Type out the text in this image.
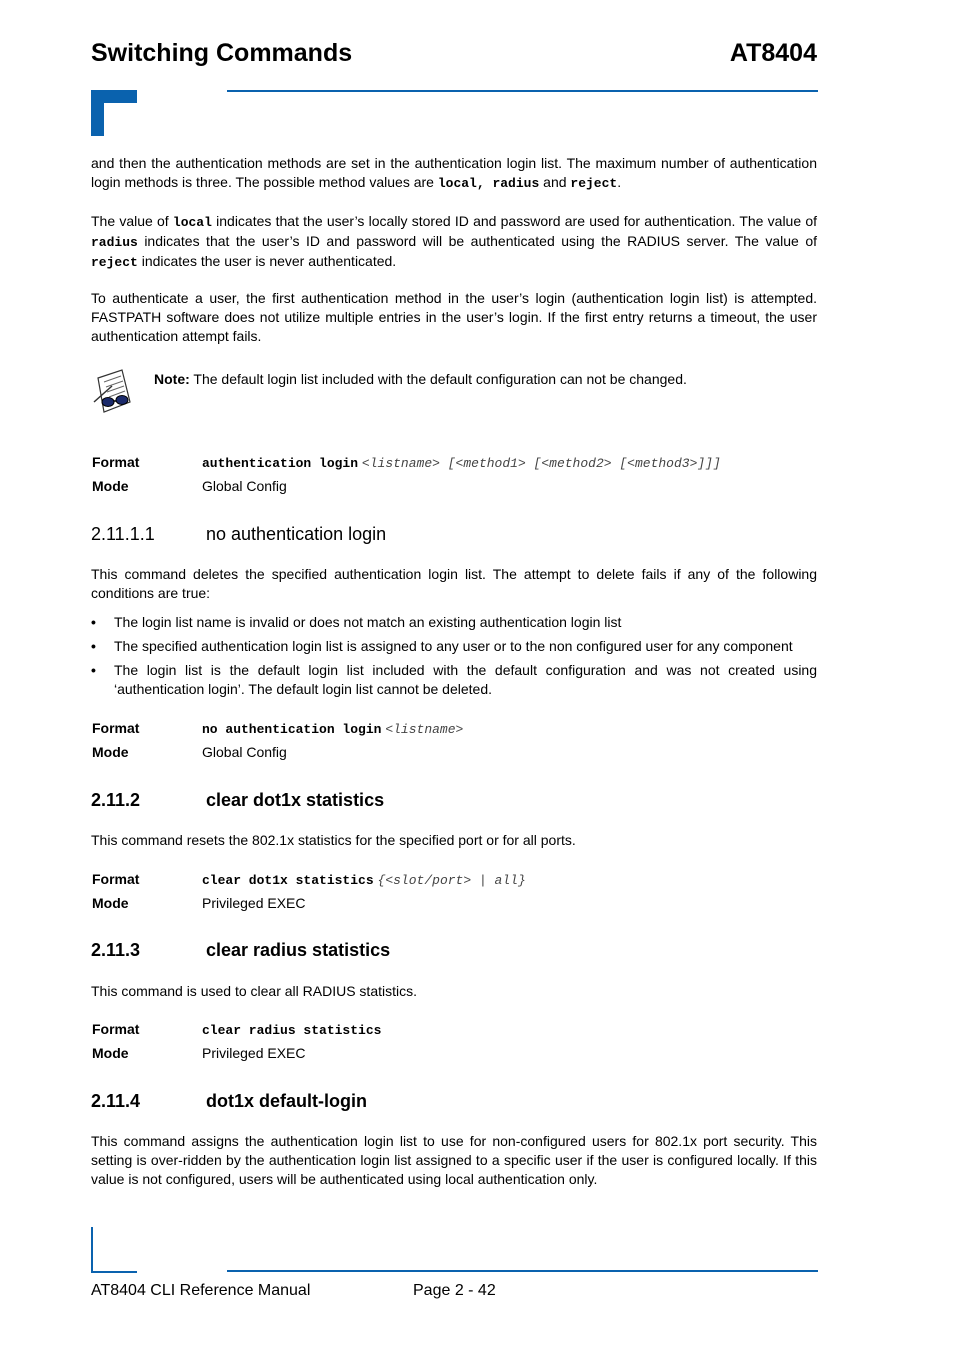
Switching Commands	AT8404
and then the authentication methods are set in the authentication login list. The maximum number of authentication login methods is three. The possible method values are local, radius and reject.
The value of local indicates that the user’s locally stored ID and password are used for authentication. The value of radius indicates that the user’s ID and password will be authenticated using the RADIUS server. The value of reject indicates the user is never authenticated.
To authenticate a user, the first authentication method in the user’s login (authentication login list) is attempted. FASTPATH software does not utilize multiple entries in the user’s login. If the first entry returns a timeout, the user authentication attempt fails.
Note: The default login list included with the default configuration can not be changed.
Format	authentication login <listname> [<method1> [<method2> [<method3>]]]
Mode	Global Config
2.11.1.1	no authentication login
This command deletes the specified authentication login list. The attempt to delete fails if any of the following conditions are true:
• The login list name is invalid or does not match an existing authentication login list
• The specified authentication login list is assigned to any user or to the non configured user for any component
• The login list is the default login list included with the default configuration and was not created using ‘authentication login’. The default login list cannot be deleted.
Format	no authentication login <listname>
Mode	Global Config
2.11.2	clear dot1x statistics
This command resets the 802.1x statistics for the specified port or for all ports.
Format	clear dot1x statistics {<slot/port> | all}
Mode	Privileged EXEC
2.11.3	clear radius statistics
This command is used to clear all RADIUS statistics.
Format	clear radius statistics
Mode	Privileged EXEC
2.11.4	dot1x default-login
This command assigns the authentication login list to use for non-configured users for 802.1x port security. This setting is over-ridden by the authentication login list assigned to a specific user if the user is configured locally. If this value is not configured, users will be authenticated using local authentication only.
AT8404 CLI Reference Manual	Page 2 - 42
